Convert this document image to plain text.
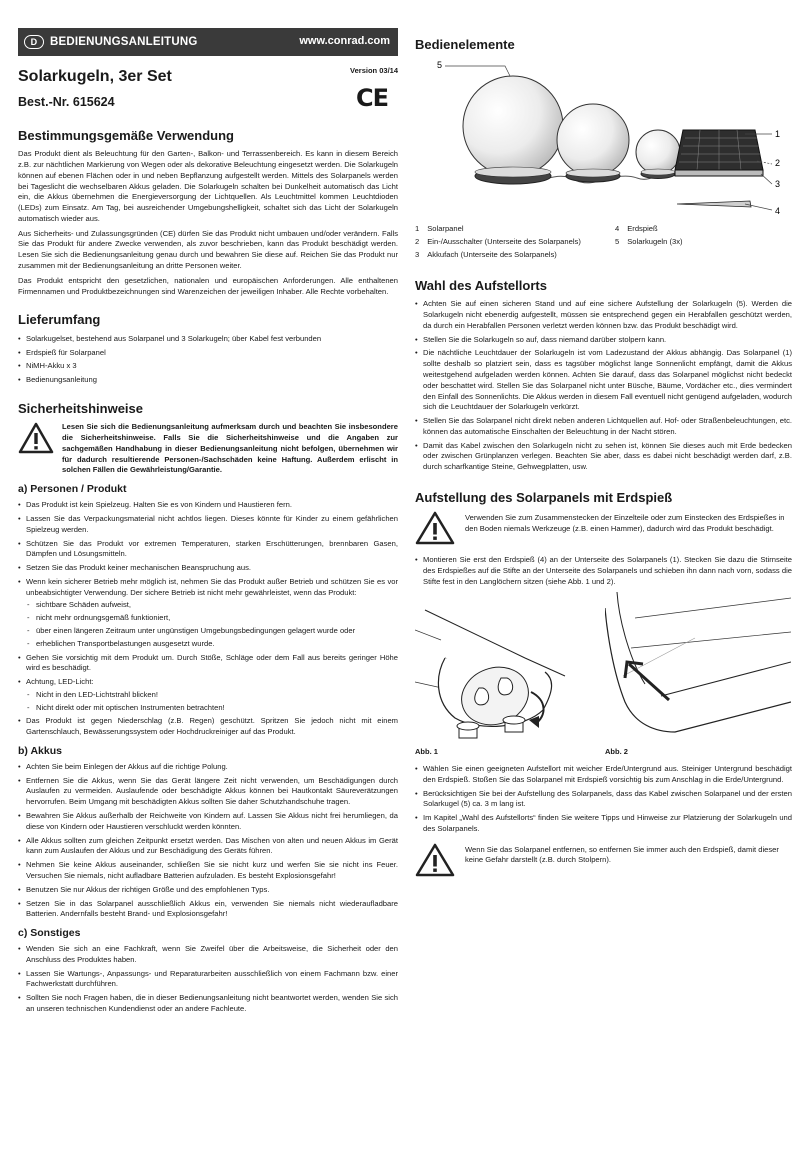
D	BEDIENUNGSANLEITUNG	www.conrad.com
Solarkugeln, 3er Set
Best.-Nr. 615624
Version 03/14
CE
Bestimmungsgemäße Verwendung

Das Produkt dient als Beleuchtung für den Garten-, Balkon- und Terrassenbereich. Es kann in diesem Bereich z.B. zur nächtlichen Markierung von Wegen oder als dekorative Beleuchtung eingesetzt werden. Die Solarkugeln können auf ebenen Flächen oder in und neben Bepflanzung aufgestellt werden. Mittels des Solarpanels werden bei Tageslicht die wechselbaren Akkus geladen. Die Solarkugeln schalten bei Dunkelheit automatisch das Licht ein, die Akkus übernehmen die Energieversorgung der Lichtquellen. Als Leuchtmittel kommen Leuchtdioden (LEDs) zum Einsatz. Am Tag, bei ausreichender Umgebungshelligkeit, schaltet sich das Licht der Solarkugeln automatisch wieder aus.

Aus Sicherheits- und Zulassungsgründen (CE) dürfen Sie das Produkt nicht umbauen und/oder verändern. Falls Sie das Produkt für andere Zwecke verwenden, als zuvor beschrieben, kann das Produkt beschädigt werden. Lesen Sie sich die Bedienungsanleitung genau durch und bewahren Sie diese auf. Reichen Sie das Produkt nur zusammen mit der Bedienungsanleitung an dritte Personen weiter.

Das Produkt entspricht den gesetzlichen, nationalen und europäischen Anforderungen. Alle enthaltenen Firmennamen und Produktbezeichnungen sind Warenzeichen der jeweiligen Inhaber. Alle Rechte vorbehalten.

Lieferumfang
• Solarkugelset, bestehend aus Solarpanel und 3 Solarkugeln; über Kabel fest verbunden
• Erdspieß für Solarpanel
• NiMH-Akku x 3
• Bedienungsanleitung
Sicherheitshinweise
Lesen Sie sich die Bedienungsanleitung aufmerksam durch und beachten Sie insbesondere die Sicherheitshinweise. Falls Sie die Sicherheitshinweise und die Angaben zur sachgemäßen Handhabung in dieser Bedienungsanleitung nicht befolgen, übernehmen wir für dadurch resultierende Personen-/Sachschäden keine Haftung. Außerdem erlischt in solchen Fällen die Gewährleistung/Garantie.
a) Personen / Produkt
• Das Produkt ist kein Spielzeug. Halten Sie es von Kindern und Haustieren fern.
• Lassen Sie das Verpackungsmaterial nicht achtlos liegen. Dieses könnte für Kinder zu einem gefährlichen Spielzeug werden.
• Schützen Sie das Produkt vor extremen Temperaturen, starken Erschütterungen, brennbaren Gasen, Dämpfen und Lösungsmitteln.
• Setzen Sie das Produkt keiner mechanischen Beanspruchung aus.
• Wenn kein sicherer Betrieb mehr möglich ist, nehmen Sie das Produkt außer Betrieb und schützen Sie es vor unbeabsichtigter Verwendung. Der sichere Betrieb ist nicht mehr gewährleistet, wenn das Produkt:
- sichtbare Schäden aufweist,
- nicht mehr ordnungsgemäß funktioniert,
- über einen längeren Zeitraum unter ungünstigen Umgebungsbedingungen gelagert wurde oder
- erheblichen Transportbelastungen ausgesetzt wurde.
• Gehen Sie vorsichtig mit dem Produkt um. Durch Stöße, Schläge oder dem Fall aus bereits geringer Höhe wird es beschädigt.
• Achtung, LED-Licht:
- Nicht in den LED-Lichtstrahl blicken!
- Nicht direkt oder mit optischen Instrumenten betrachten!
• Das Produkt ist gegen Niederschlag (z.B. Regen) geschützt. Spritzen Sie jedoch nicht mit einem Gartenschlauch, Bewässerungssystem oder Hochdruckreiniger auf das Produkt.
b) Akkus
• Achten Sie beim Einlegen der Akkus auf die richtige Polung.
• Entfernen Sie die Akkus, wenn Sie das Gerät längere Zeit nicht verwenden, um Beschädigungen durch Auslaufen zu vermeiden. Auslaufende oder beschädigte Akkus können bei Hautkontakt Säureverätzungen hervorrufen. Beim Umgang mit beschädigten Akkus sollten Sie daher Schutzhandschuhe tragen.
• Bewahren Sie Akkus außerhalb der Reichweite von Kindern auf. Lassen Sie Akkus nicht frei herumliegen, da diese von Kindern oder Haustieren verschluckt werden könnten.
• Alle Akkus sollten zum gleichen Zeitpunkt ersetzt werden. Das Mischen von alten und neuen Akkus im Gerät kann zum Auslaufen der Akkus und zur Beschädigung des Geräts führen.
• Nehmen Sie keine Akkus auseinander, schließen Sie sie nicht kurz und werfen Sie sie nicht ins Feuer. Versuchen Sie niemals, nicht aufladbare Batterien aufzuladen. Es besteht Explosionsgefahr!
• Benutzen Sie nur Akkus der richtigen Größe und des empfohlenen Typs.
• Setzen Sie in das Solarpanel ausschließlich Akkus ein, verwenden Sie niemals nicht wiederaufladbare Batterien. Andernfalls besteht Brand- und Explosionsgefahr!
c) Sonstiges
• Wenden Sie sich an eine Fachkraft, wenn Sie Zweifel über die Arbeitsweise, die Sicherheit oder den Anschluss des Produktes haben.
• Lassen Sie Wartungs-, Anpassungs- und Reparaturarbeiten ausschließlich von einem Fachmann bzw. einer Fachwerkstatt durchführen.
• Sollten Sie noch Fragen haben, die in dieser Bedienungsanleitung nicht beantwortet werden, wenden Sie sich an unseren technischen Kundendienst oder an andere Fachleute.
Bedienelemente
5
1
2
3
4
1 Solarpanel	4 Erdspieß
2 Ein-/Ausschalter (Unterseite des Solarpanels)	5 Solarkugeln (3x)
3 Akkufach (Unterseite des Solarpanels)
Wahl des Aufstellorts
• Achten Sie auf einen sicheren Stand und auf eine sichere Aufstellung der Solarkugeln (5). Werden die Solarkugeln nicht ebenerdig aufgestellt, müssen sie entsprechend gegen ein Herabfallen geschützt werden, da durch ein Herabfallen Personen verletzt werden können bzw. das Produkt beschädigt wird.
• Stellen Sie die Solarkugeln so auf, dass niemand darüber stolpern kann.
• Die nächtliche Leuchtdauer der Solarkugeln ist vom Ladezustand der Akkus abhängig. Das Solarpanel (1) sollte deshalb so platziert sein, dass es tagsüber möglichst lange Sonnenlicht empfängt, damit die Akkus weitestgehend aufgeladen werden können. Achten Sie darauf, dass das Solarpanel möglichst nicht bedeckt oder beschattet wird. Stellen Sie das Solarpanel nicht unter Büsche, Bäume, Vordächer etc., dies vermindert den Einfall des Sonnenlichts. Die Akkus werden in diesem Fall eventuell nicht genügend aufgeladen, wodurch sich die Leuchtdauer der Solarkugeln verkürzt.
• Stellen Sie das Solarpanel nicht direkt neben anderen Lichtquellen auf. Hof- oder Straßenbeleuchtungen, etc. können das automatische Einschalten der Beleuchtung in der Nacht stören.
• Damit das Kabel zwischen den Solarkugeln nicht zu sehen ist, können Sie dieses auch mit Erde bedecken oder zwischen Grünplanzen verlegen. Beachten Sie aber, dass es dabei nicht beschädigt werden darf, z.B. durch scharfkantige Steine, Gehwegplatten, usw.
Aufstellung des Solarpanels mit Erdspieß
Verwenden Sie zum Zusammenstecken der Einzelteile oder zum Einstecken des Erdspießes in den Boden niemals Werkzeuge (z.B. einen Hammer), dadurch wird das Produkt beschädigt.
• Montieren Sie erst den Erdspieß (4) an der Unterseite des Solarpanels (1). Stecken Sie dazu die Stirnseite des Erdspießes auf die Stifte an der Unterseite des Solarpanels und schieben ihn dann nach vorn, sodass die Stifte fest in den Langlöchern sitzen (siehe Abb. 1 und 2).
Abb. 1	Abb. 2
• Wählen Sie einen geeigneten Aufstellort mit weicher Erde/Untergrund aus. Steiniger Untergrund beschädigt den Erdspieß. Stoßen Sie das Solarpanel mit Erdspieß vorsichtig bis zum Anschlag in die Erde/Untergrund.
• Berücksichtigen Sie bei der Aufstellung des Solarpanels, dass das Kabel zwischen Solarpanel und der ersten Solarkugel (5) ca. 3 m lang ist.
• Im Kapitel „Wahl des Aufstellorts“ finden Sie weitere Tipps und Hinweise zur Platzierung der Solarkugeln und des Solarpanels.
Wenn Sie das Solarpanel entfernen, so entfernen Sie immer auch den Erdspieß, damit dieser keine Gefahr darstellt (z.B. durch Stolpern).
